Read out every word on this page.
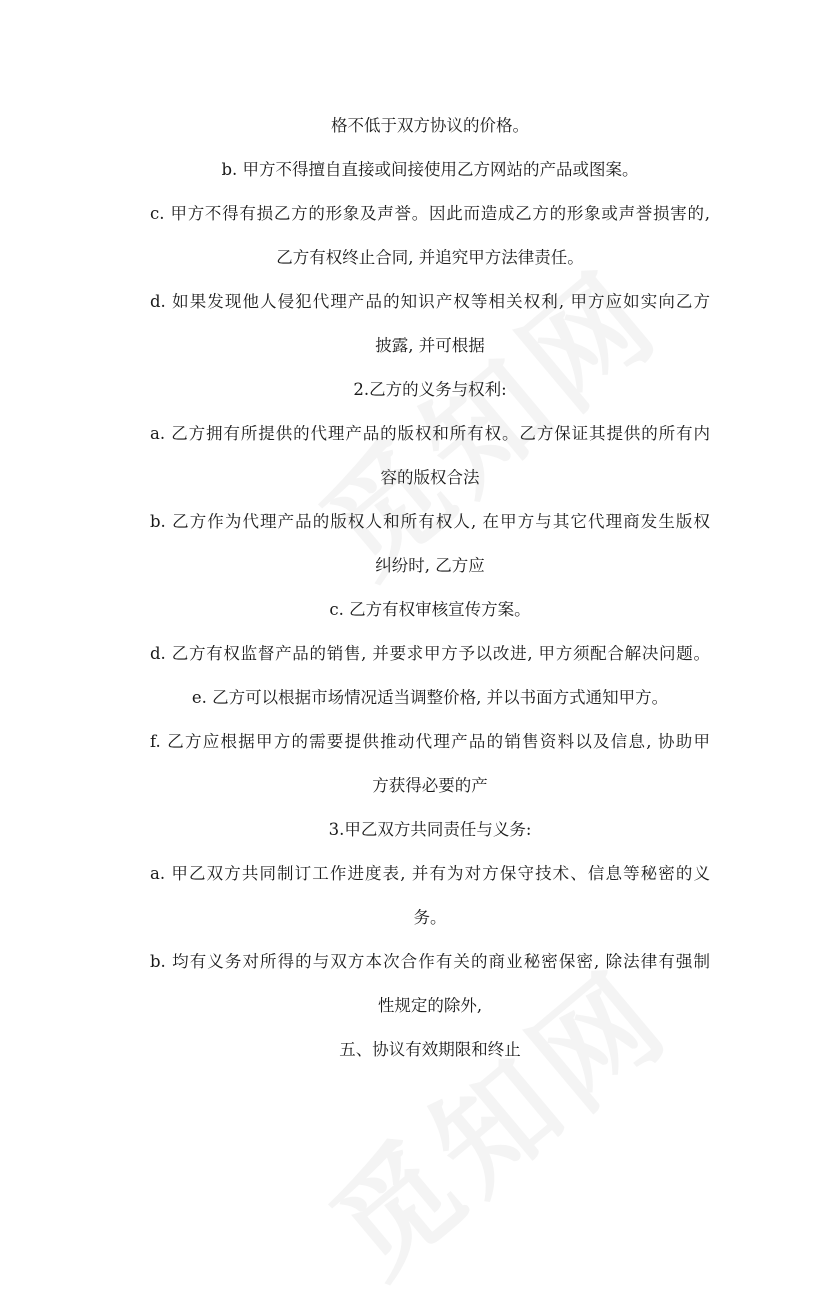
格不低于双方协议的价格。
b. 甲方不得擅自直接或间接使用乙方网站的产品或图案。
c. 甲方不得有损乙方的形象及声誉。因此而造成乙方的形象或声誉损害的,
乙方有权终止合同, 并追究甲方法律责任。
d. 如果发现他人侵犯代理产品的知识产权等相关权利, 甲方应如实向乙方
披露, 并可根据
2.乙方的义务与权利:
a. 乙方拥有所提供的代理产品的版权和所有权。乙方保证其提供的所有内
容的版权合法
b. 乙方作为代理产品的版权人和所有权人, 在甲方与其它代理商发生版权
纠纷时, 乙方应
c. 乙方有权审核宣传方案。
d. 乙方有权监督产品的销售, 并要求甲方予以改进, 甲方须配合解决问题。
e. 乙方可以根据市场情况适当调整价格, 并以书面方式通知甲方。
f. 乙方应根据甲方的需要提供推动代理产品的销售资料以及信息, 协助甲
方获得必要的产
3.甲乙双方共同责任与义务:
a. 甲乙双方共同制订工作进度表, 并有为对方保守技术、信息等秘密的义
务。
b. 均有义务对所得的与双方本次合作有关的商业秘密保密, 除法律有强制
性规定的除外,
五、协议有效期限和终止
